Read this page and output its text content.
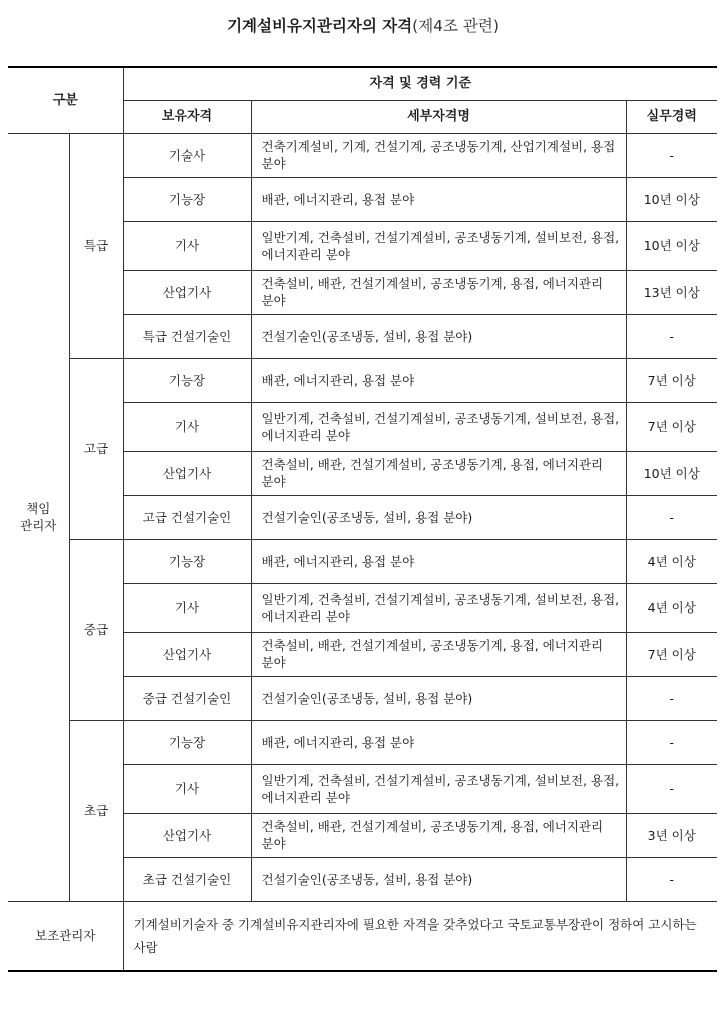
기계설비유지관리자의 자격(제4조 관련)
구분		자격 및 경력 기준		
		보유자격	세부자격명	실무경력
책임
관리자	특급	기술사	건축기계설비, 기계, 건설기계, 공조냉동기계, 산업기계설비, 용접 분야	-
		기능장	배관, 에너지관리, 용접 분야	10년 이상
		기사	일반기계, 건축설비, 건설기계설비, 공조냉동기계, 설비보전, 용접, 에너지관리 분야	10년 이상
		산업기사	건축설비, 배관, 건설기계설비, 공조냉동기계, 용접, 에너지관리 분야	13년 이상
		특급 건설기술인	건설기술인(공조냉동, 설비, 용접 분야)	-
	고급	기능장	배관, 에너지관리, 용접 분야	7년 이상
		기사	일반기계, 건축설비, 건설기계설비, 공조냉동기계, 설비보전, 용접, 에너지관리 분야	7년 이상
		산업기사	건축설비, 배관, 건설기계설비, 공조냉동기계, 용접, 에너지관리 분야	10년 이상
		고급 건설기술인	건설기술인(공조냉동, 설비, 용접 분야)	-
	중급	기능장	배관, 에너지관리, 용접 분야	4년 이상
		기사	일반기계, 건축설비, 건설기계설비, 공조냉동기계, 설비보전, 용접, 에너지관리 분야	4년 이상
		산업기사	건축설비, 배관, 건설기계설비, 공조냉동기계, 용접, 에너지관리 분야	7년 이상
		중급 건설기술인	건설기술인(공조냉동, 설비, 용접 분야)	-
	초급	기능장	배관, 에너지관리, 용접 분야	-
		기사	일반기계, 건축설비, 건설기계설비, 공조냉동기계, 설비보전, 용접, 에너지관리 분야	-
		산업기사	건축설비, 배관, 건설기계설비, 공조냉동기계, 용접, 에너지관리 분야	3년 이상
		초급 건설기술인	건설기술인(공조냉동, 설비, 용접 분야)	-
보조관리자		기계설비기술자 중 기계설비유지관리자에 필요한 자격을 갖추었다고 국토교통부장관이 정하여 고시하는 사람		
